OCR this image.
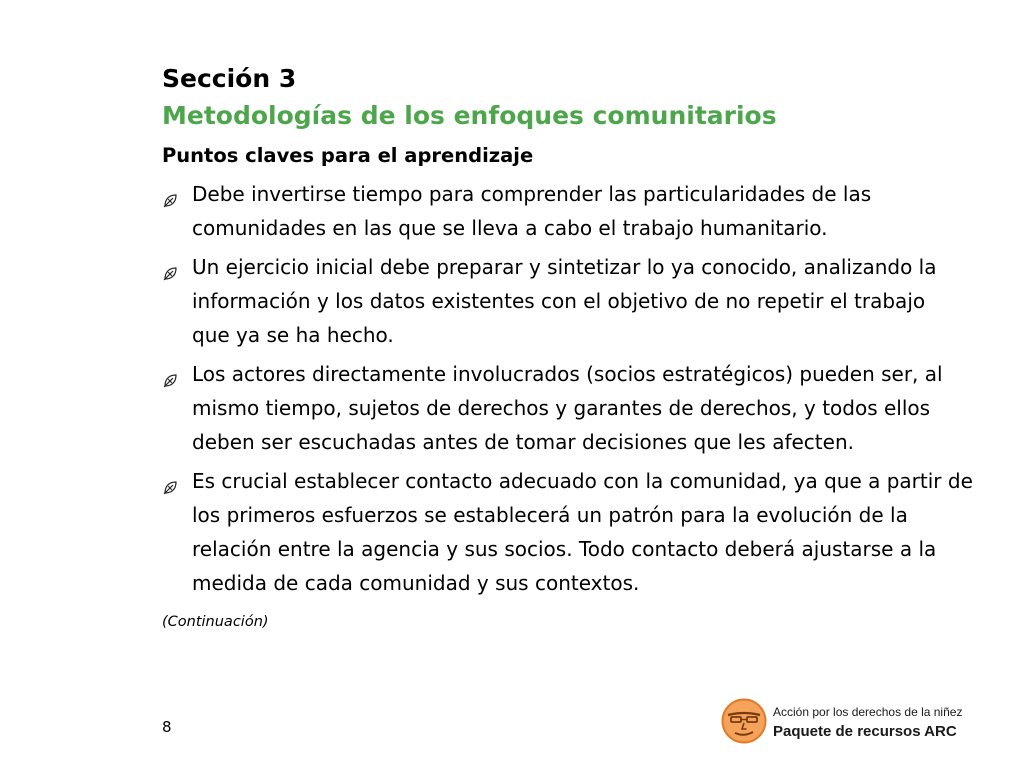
Sección 3
Metodologías de los enfoques comunitarios
Puntos claves para el aprendizaje
Debe invertirse tiempo para comprender las particularidades de las
comunidades en las que se lleva a cabo el trabajo humanitario.
Un ejercicio inicial debe preparar y sintetizar lo ya conocido, analizando la
información y los datos existentes con el objetivo de no repetir el trabajo
que ya se ha hecho.
Los actores directamente involucrados (socios estratégicos) pueden ser, al
mismo tiempo, sujetos de derechos y garantes de derechos, y todos ellos
deben ser escuchadas antes de tomar decisiones que les afecten.
Es crucial establecer contacto adecuado con la comunidad, ya que a partir de
los primeros esfuerzos se establecerá un patrón para la evolución de la
relación entre la agencia y sus socios. Todo contacto deberá ajustarse a la
medida de cada comunidad y sus contextos.
(Continuación)
8
Acción por los derechos de la niñez
Paquete de recursos ARC
